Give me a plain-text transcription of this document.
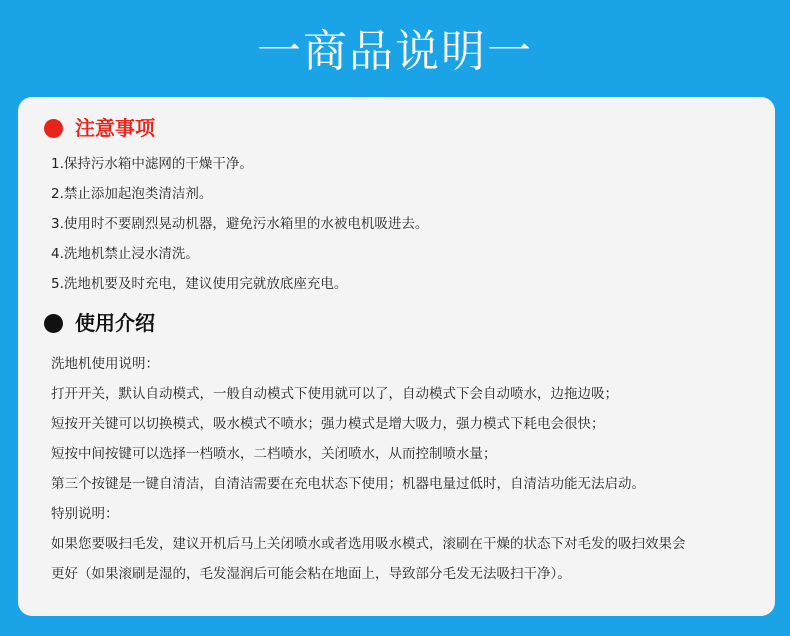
一商品说明一
注意事项
1.保持污水箱中滤网的干燥干净。
2.禁止添加起泡类清洁剂。
3.使用时不要剧烈晃动机器，避免污水箱里的水被电机吸进去。
4.洗地机禁止浸水清洗。
5.洗地机要及时充电，建议使用完就放底座充电。
使用介绍
洗地机使用说明：
打开开关，默认自动模式，一般自动模式下使用就可以了，自动模式下会自动喷水，边拖边吸；
短按开关键可以切换模式，吸水模式不喷水；强力模式是增大吸力，强力模式下耗电会很快；
短按中间按键可以选择一档喷水，二档喷水，关闭喷水，从而控制喷水量；
第三个按键是一键自清洁，自清洁需要在充电状态下使用；机器电量过低时，自清洁功能无法启动。
特别说明：
如果您要吸扫毛发，建议开机后马上关闭喷水或者选用吸水模式，滚刷在干燥的状态下对毛发的吸扫效果会
更好（如果滚刷是湿的，毛发湿润后可能会粘在地面上，导致部分毛发无法吸扫干净）。
